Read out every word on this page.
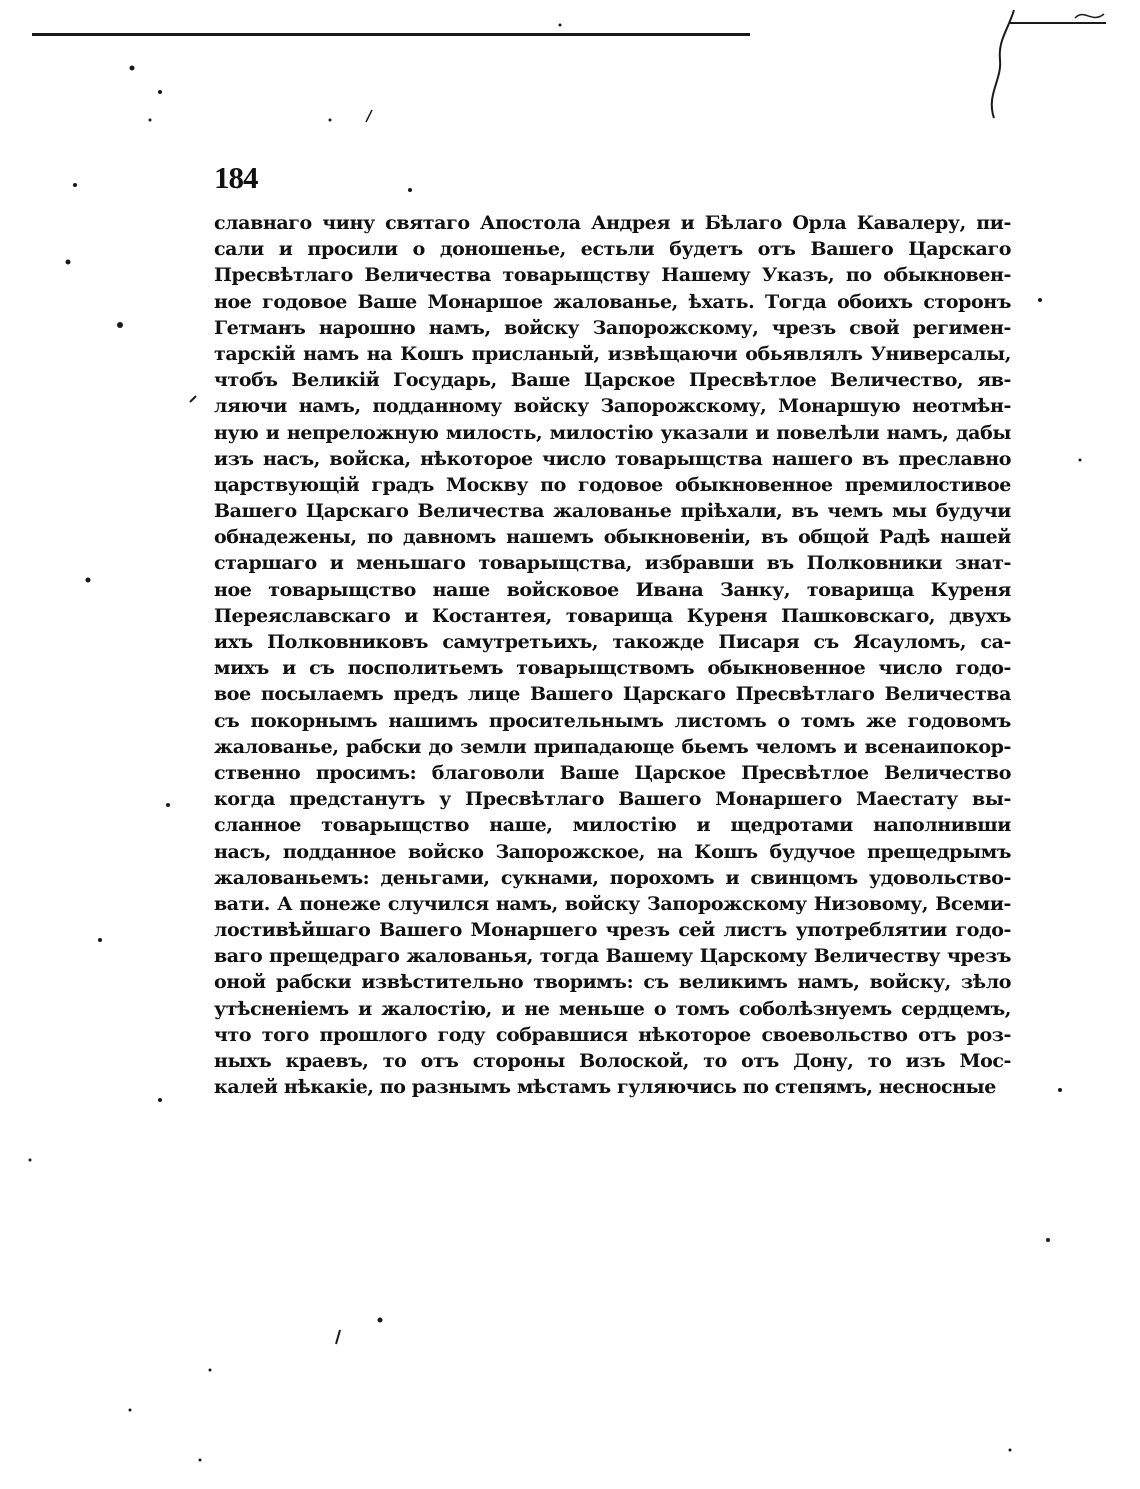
184
славнаго чину святаго Апостола Андрея и Бѣлаго Орла Кавалеру, пи-
сали и просили о доношенье, естьли будетъ отъ Вашего Царскаго
Пресвѣтлаго Величества товарыщству Нашему Указъ, по обыкновен-
ное годовое Ваше Монаршое жалованье, ѣхать. Тогда обоихъ сторонъ
Гетманъ нарошно намъ, войску Запорожскому, чрезъ свой регимен-
тарскій намъ на Кошъ присланый, извѣщаючи обьявлялъ Универсалы,
чтобъ Великій Государь, Ваше Царское Пресвѣтлое Величество, яв-
ляючи намъ, подданному войску Запорожскому, Монаршую неотмѣн-
ную и непреложную милость, милостію указали и повелѣли намъ, дабы
изъ насъ, войска, нѣкоторое число товарыщства нашего въ преславно
царствующій градъ Москву по годовое обыкновенное премилостивое
Вашего Царскаго Величества жалованье пріѣхали, въ чемъ мы будучи
обнадежены, по давномъ нашемъ обыкновеніи, въ общой Радѣ нашей
старшаго и меньшаго товарыщства, избравши въ Полковники знат-
ное товарыщство наше войсковое Ивана Занку, товарища Куреня
Переяславскаго и Костантея, товарища Куреня Пашковскаго, двухъ
ихъ Полковниковъ самутретьихъ, такожде Писаря съ Ясауломъ, са-
михъ и съ посполитьемъ товарыщствомъ обыкновенное число годо-
вое посылаемъ предъ лице Вашего Царскаго Пресвѣтлаго Величества
съ покорнымъ нашимъ просительнымъ листомъ о томъ же годовомъ
жалованье, рабски до земли припадающе бьемъ челомъ и всенаипокор-
ственно просимъ: благоволи Ваше Царское Пресвѣтлое Величество
когда предстанутъ у Пресвѣтлаго Вашего Монаршего Маестату вы-
сланное товарыщство наше, милостію и щедротами наполнивши
насъ, подданное войско Запорожское, на Кошъ будучое прещедрымъ
жалованьемъ: деньгами, сукнами, порохомъ и свинцомъ удовольство-
вати. А понеже случился намъ, войску Запорожскому Низовому, Всеми-
лостивѣйшаго Вашего Монаршего чрезъ сей листъ употреблятии годо-
ваго прещедраго жалованья, тогда Вашему Царскому Величеству чрезъ
оной рабски извѣстительно творимъ: съ великимъ намъ, войску, зѣло
утѣсненіемъ и жалостію, и не меньше о томъ соболѣзнуемъ сердцемъ,
что того прошлого году собравшися нѣкоторое своевольство отъ роз-
ныхъ краевъ, то отъ стороны Волоской, то отъ Дону, то изъ Мос-
калей нѣкакіе, по разнымъ мѣстамъ гуляючись по степямъ, несносные
